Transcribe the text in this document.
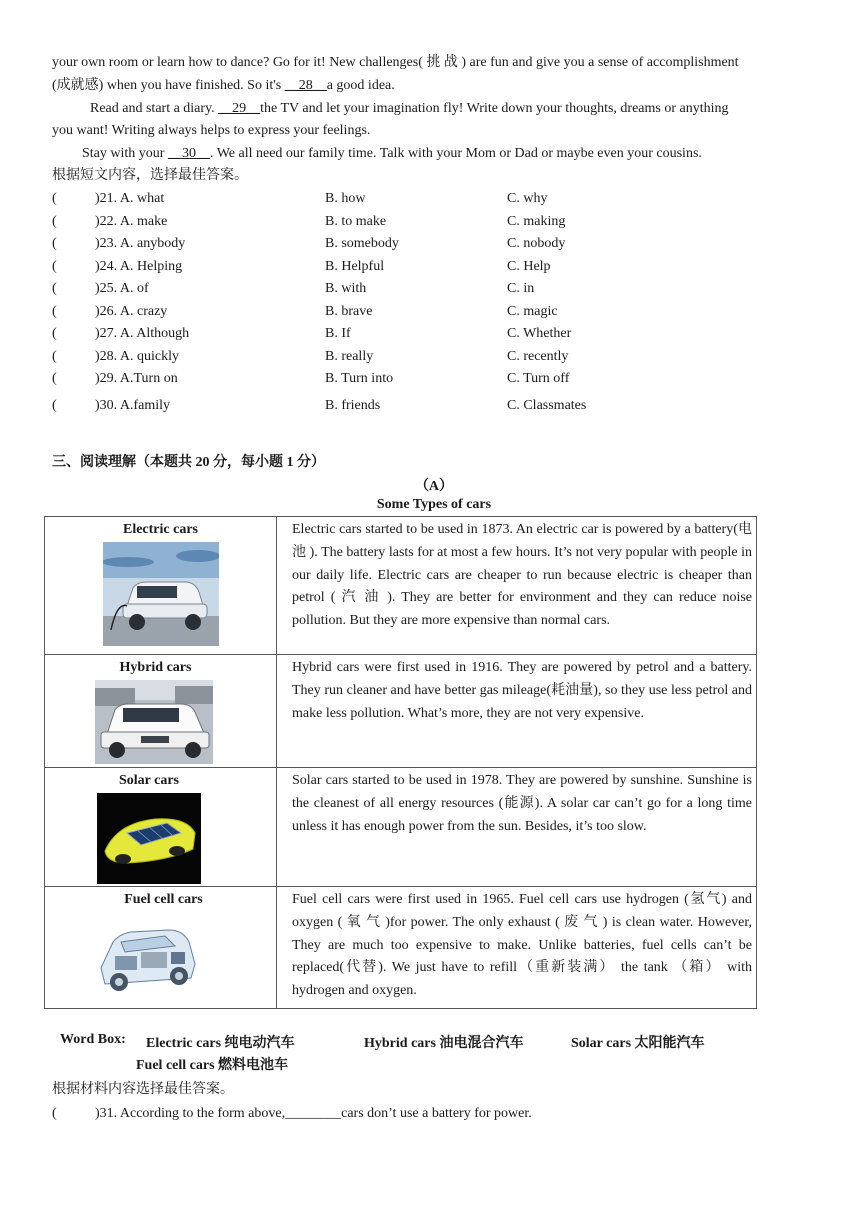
your own room or learn how to dance? Go for it! New challenges( 挑 战 ) are fun and give you a sense of accomplishment
(成就感) when you have finished. So it's __28__a good idea.
Read and start a diary. __29__the TV and let your imagination fly! Write down your thoughts, dreams or anything
you want! Writing always helps to express your feelings.
Stay with your __30__. We all need our family time. Talk with your Mom or Dad or maybe even your cousins.
根据短文内容，选择最佳答案。
(	)21. A. what	B. how	C. why
(	)22. A. make	B. to make	C. making
(	)23. A. anybody	B. somebody	C. nobody
(	)24. A. Helping	B. Helpful	C. Help
(	)25. A. of	B. with	C. in
(	)26. A. crazy	B. brave	C. magic
(	)27. A. Although	B. If	C. Whether
(	)28. A. quickly	B. really	C. recently
(	)29. A.Turn on	B. Turn into	C. Turn off
(	)30. A.family	B. friends	C. Classmates
三、阅读理解（本题共 20 分，每小题 1 分）
（A）
Some Types of cars
Electric cars	Electric cars started to be used in 1873. An electric car is powered by a battery(电 池 ). The battery lasts for at most a few hours. It’s not very popular with people in our daily life. Electric cars are cheaper to run because electric is cheaper than petrol ( 汽 油 ). They are better for environment and they can reduce noise pollution. But they are more expensive than normal cars.

Hybrid cars	Hybrid cars were first used in 1916. They are powered by petrol and a battery. They run cleaner and have better gas mileage(耗油量), so they use less petrol and make less pollution. What’s more, they are not very expensive.

Solar cars	Solar cars started to be used in 1978. They are powered by sunshine. Sunshine is the cleanest of all energy resources (能源). A solar car can’t go for a long time unless it has enough power from the sun. Besides, it’s too slow.

Fuel cell cars	Fuel cell cars were first used in 1965. Fuel cell cars use hydrogen (氢气) and oxygen ( 氧 气 )for power. The only exhaust ( 废 气 ) is clean water. However, They are much too expensive to make. Unlike batteries, fuel cells can’t be replaced(代替). We just have to refill（重新装满） the tank （箱） with hydrogen and oxygen.
Word Box: Electric cars 纯电动汽车	Hybrid cars 油电混合汽车	Solar cars 太阳能汽车
Fuel cell cars 燃料电池车
根据材料内容选择最佳答案。
(	)31. According to the form above,________cars don’t use a battery for power.
